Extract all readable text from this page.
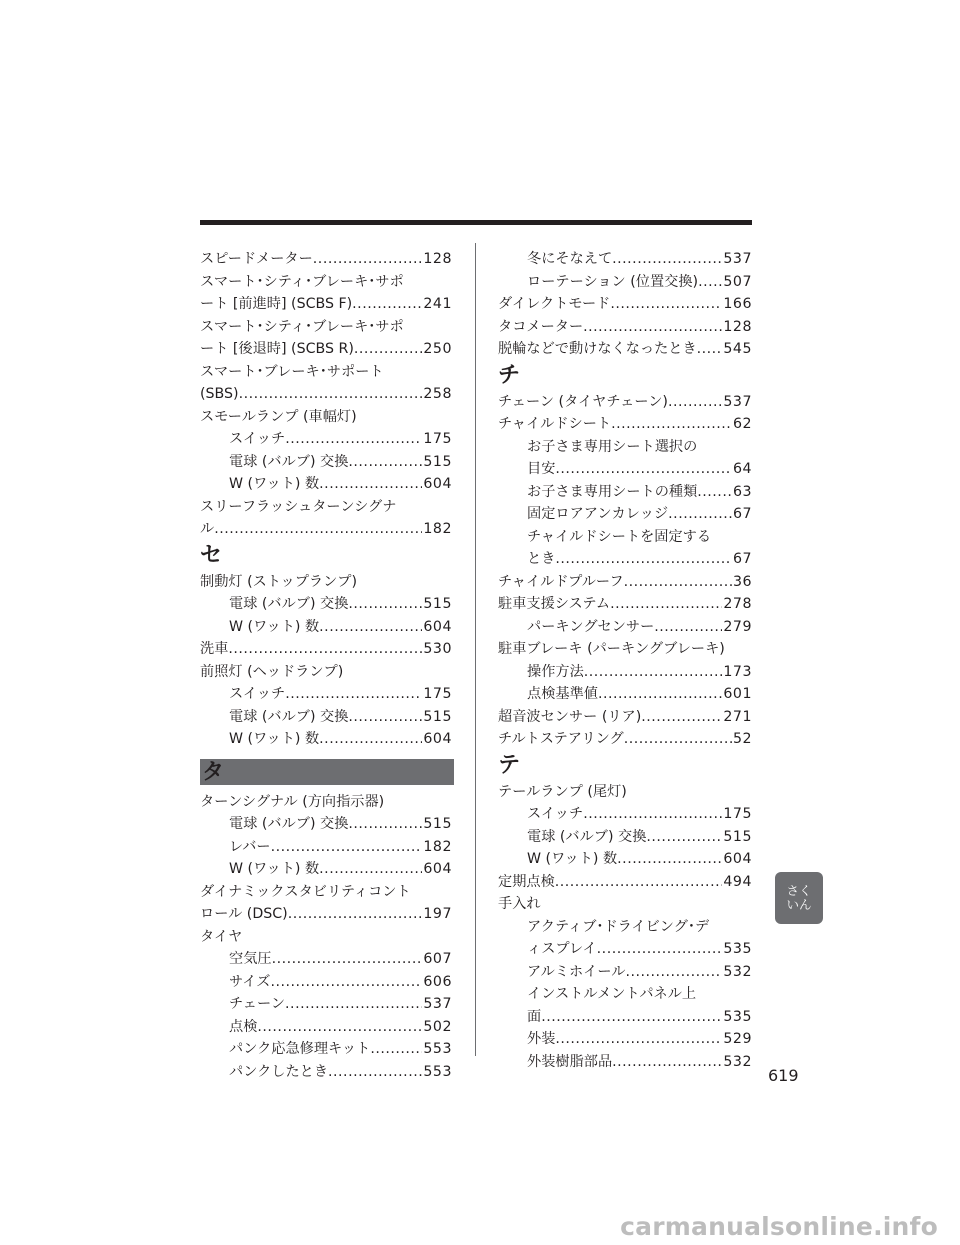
スピードメーター .....	128
スマート･シティ･ブレーキ･サポ
ート [前進時] (SCBS F) .....	241
スマート･シティ･ブレーキ･サポ
ート [後退時] (SCBS R) .....	250
スマート･ブレーキ･サポート
(SBS) .....	258
スモールランプ (車幅灯)
スイッチ .....	175
電球 (バルブ) 交換 .....	515
W (ワット) 数 .....	604
スリーフラッシュターンシグナ
ル .....	182
セ
制動灯 (ストップランプ)
電球 (バルブ) 交換 .....	515
W (ワット) 数 .....	604
洗車 .....	530
前照灯 (ヘッドランプ)
スイッチ .....	175
電球 (バルブ) 交換 .....	515
W (ワット) 数 .....	604
タ
ターンシグナル (方向指示器)
電球 (バルブ) 交換 .....	515
レバー .....	182
W (ワット) 数 .....	604
ダイナミックスタビリティコント
ロール (DSC) .....	197
タイヤ
空気圧 .....	607
サイズ .....	606
チェーン .....	537
点検 .....	502
パンク応急修理キット .....	553
パンクしたとき .....	553
冬にそなえて .....	537
ローテーション (位置交換) ..... 507
ダイレクトモード .....	166
タコメーター .....	128
脱輪などで動けなくなったとき ..... 545
チ
チェーン (タイヤチェーン) .....	537
チャイルドシート .....	62
お子さま専用シート選択の
目安 .....	64
お子さま専用シートの種類 .....	63
固定ロアアンカレッジ .....	67
チャイルドシートを固定する
とき .....	67
チャイルドプルーフ .....	36
駐車支援システム .....	278
パーキングセンサー .....	279
駐車ブレーキ (パーキングブレーキ)
操作方法 .....	173
点検基準値 .....	601
超音波センサー (リア) .....	271
チルトステアリング .....	52
テ
テールランプ (尾灯)
スイッチ .....	175
電球 (バルブ) 交換 .....	515
W (ワット) 数 .....	604
定期点検 .....	494
手入れ
アクティブ･ドライビング･デ
ィスプレイ .....	535
アルミホイール .....	532
インストルメントパネル上
面 .....	535
外装 .....	529
外装樹脂部品 .....	532
さく
いん
619
carmanualsonline.info
